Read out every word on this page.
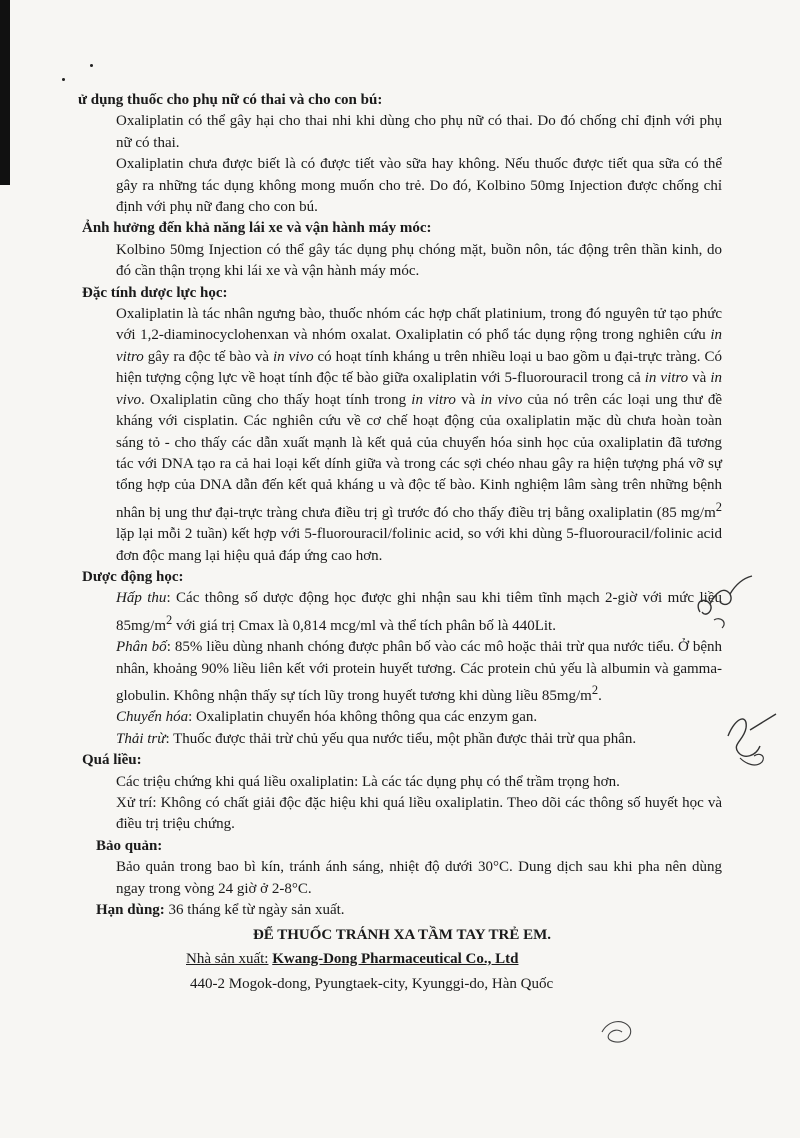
ử dụng thuốc cho phụ nữ có thai và cho con bú:

Oxaliplatin có thể gây hại cho thai nhi khi dùng cho phụ nữ có thai. Do đó chống chỉ định với phụ nữ có thai.

Oxaliplatin chưa được biết là có được tiết vào sữa hay không. Nếu thuốc được tiết qua sữa có thể gây ra những tác dụng không mong muốn cho trẻ. Do đó, Kolbino 50mg Injection được chống chỉ định với phụ nữ đang cho con bú.

Ảnh hưởng đến khả năng lái xe và vận hành máy móc:

Kolbino 50mg Injection có thể gây tác dụng phụ chóng mặt, buồn nôn, tác động trên thần kinh, do đó cần thận trọng khi lái xe và vận hành máy móc.

Đặc tính dược lực học:

Oxaliplatin là tác nhân ngưng bào, thuốc nhóm các hợp chất platinium, trong đó nguyên tử tạo phức với 1,2-diaminocyclohenxan và nhóm oxalat. Oxaliplatin có phổ tác dụng rộng trong nghiên cứu in vitro gây ra độc tế bào và in vivo có hoạt tính kháng u trên nhiều loại u bao gồm u đại-trực tràng. Có hiện tượng cộng lực về hoạt tính độc tế bào giữa oxaliplatin với 5-fluorouracil trong cả in vitro và in vivo. Oxaliplatin cũng cho thấy hoạt tính trong in vitro và in vivo của nó trên các loại ung thư đề kháng với cisplatin. Các nghiên cứu về cơ chế hoạt động của oxaliplatin mặc dù chưa hoàn toàn sáng tỏ - cho thấy các dẫn xuất mạnh là kết quả của chuyển hóa sinh học của oxaliplatin đã tương tác với DNA tạo ra cả hai loại kết dính giữa và trong các sợi chéo nhau gây ra hiện tượng phá vỡ sự tổng hợp của DNA dẫn đến kết quả kháng u và độc tế bào. Kinh nghiệm lâm sàng trên những bệnh nhân bị ung thư đại-trực tràng chưa điều trị gì trước đó cho thấy điều trị bằng oxaliplatin (85 $mg/m^2$ lặp lại mỗi 2 tuần) kết hợp với 5-fluorouracil/folinic acid, so với khi dùng 5-fluorouracil/folinic acid đơn độc mang lại hiệu quả đáp ứng cao hơn.

Dược động học:

Hấp thu: Các thông số dược động học được ghi nhận sau khi tiêm tĩnh mạch 2-giờ với mức liều $85mg/m^2$ với giá trị Cmax là 0,814 mcg/ml và thể tích phân bố là 440Lit.

Phân bố: 85% liều dùng nhanh chóng được phân bố vào các mô hoặc thải trừ qua nước tiểu. Ở bệnh nhân, khoảng 90% liều liên kết với protein huyết tương. Các protein chủ yếu là albumin và gamma-globulin. Không nhận thấy sự tích lũy trong huyết tương khi dùng liều $85mg/m^2$.

Chuyển hóa: Oxaliplatin chuyển hóa không thông qua các enzym gan.

Thải trừ: Thuốc được thải trừ chủ yếu qua nước tiểu, một phần được thải trừ qua phân.

Quá liều:

Các triệu chứng khi quá liều oxaliplatin: Là các tác dụng phụ có thể trầm trọng hơn.

Xử trí: Không có chất giải độc đặc hiệu khi quá liều oxaliplatin. Theo dõi các thông số huyết học và điều trị triệu chứng.

Bảo quản:

Bảo quản trong bao bì kín, tránh ánh sáng, nhiệt độ dưới 30°C. Dung dịch sau khi pha nên dùng ngay trong vòng 24 giờ ở 2-8°C.

Hạn dùng: 36 tháng kể từ ngày sản xuất.

ĐỂ THUỐC TRÁNH XA TẦM TAY TRẺ EM.

Nhà sản xuất: Kwang-Dong Pharmaceutical Co., Ltd

440-2 Mogok-dong, Pyungtaek-city, Kyunggi-do, Hàn Quốc
